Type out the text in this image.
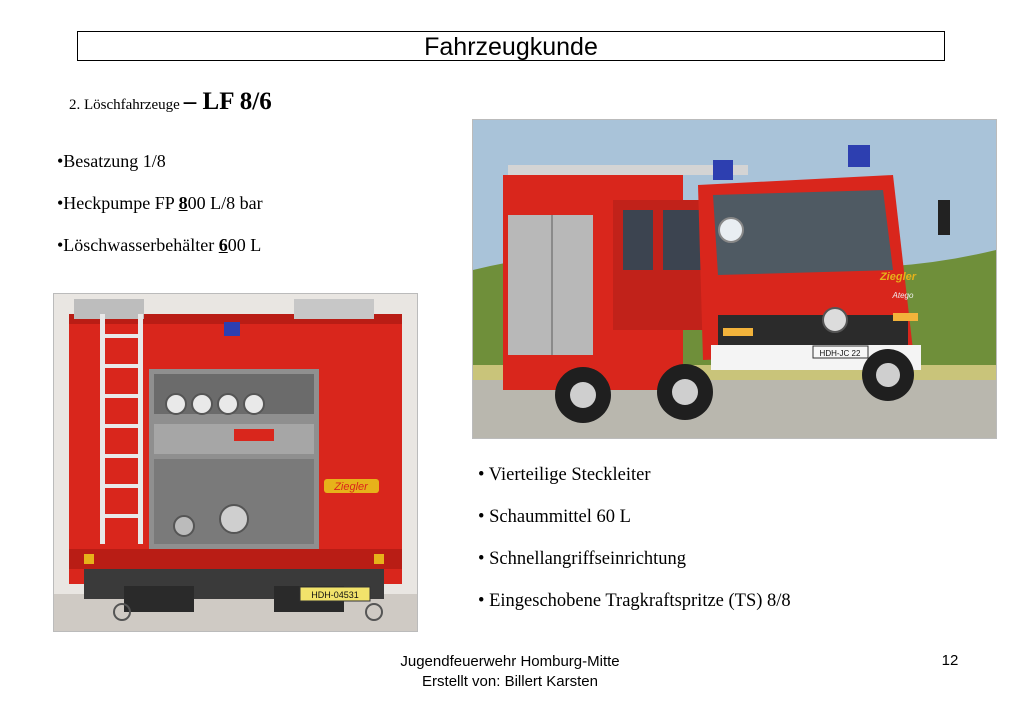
Fahrzeugkunde
2. Löschfahrzeuge – LF 8/6
•Besatzung 1/8
•Heckpumpe FP 800 L/8 bar
•Löschwasserbehälter 600 L
Ziegler
HDH-04531
HDH-JC 22
Ziegler
Atego
• Vierteilige Steckleiter
• Schaummittel 60 L
• Schnellangriffseinrichtung
• Eingeschobene Tragkraftspritze (TS) 8/8
Jugendfeuerwehr Homburg-Mitte
Erstellt von: Billert Karsten
12
